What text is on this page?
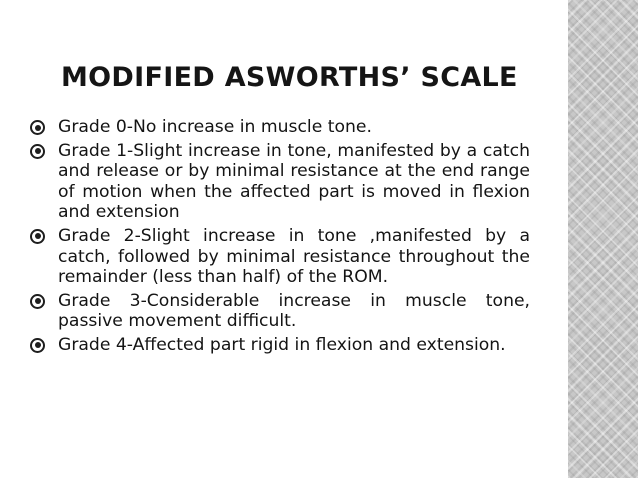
MODIFIED ASWORTHS’ SCALE
Grade 0-No increase in muscle tone.
Grade 1-Slight increase in tone, manifested by a catch and release or by minimal resistance at the end range of motion when the affected part is moved in flexion and extension
Grade 2-Slight increase in tone ,manifested by a catch, followed by minimal resistance throughout the remainder (less than half) of the ROM.
Grade 3-Considerable increase in muscle tone, passive movement difficult.
Grade 4-Affected part rigid in flexion and extension.
